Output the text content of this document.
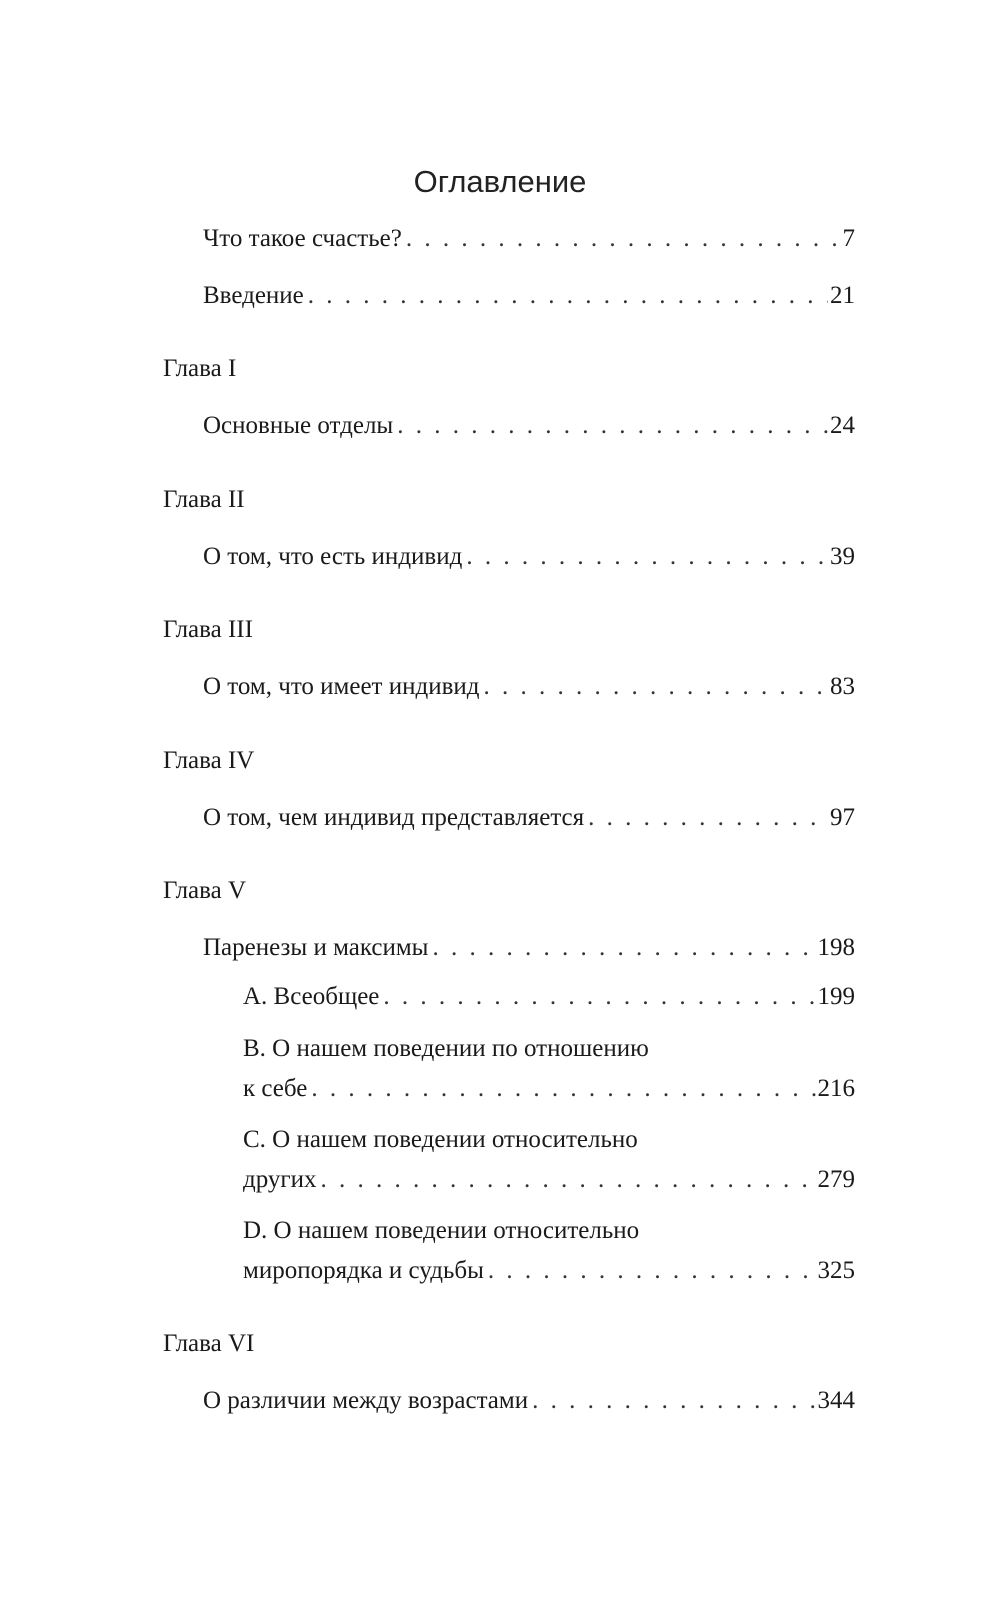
Оглавление
Что такое счастье? . . .	7
Введение . . .	21
Глава I
Основные отделы . . .	24
Глава II
О том, что есть индивид . . .	39
Глава III
О том, что имеет индивид . . .	83
Глава IV
О том, чем индивид представляется . . .	97
Глава V
Паренезы и максимы . . .	198
A. Всеобщее . . .	199
B. О нашем поведении по отношению
к себе . . .	216
C. О нашем поведении относительно
других . . .	279
D. О нашем поведении относительно
миропорядка и судьбы . . .	325
Глава VI
О различии между возрастами . . .	344
